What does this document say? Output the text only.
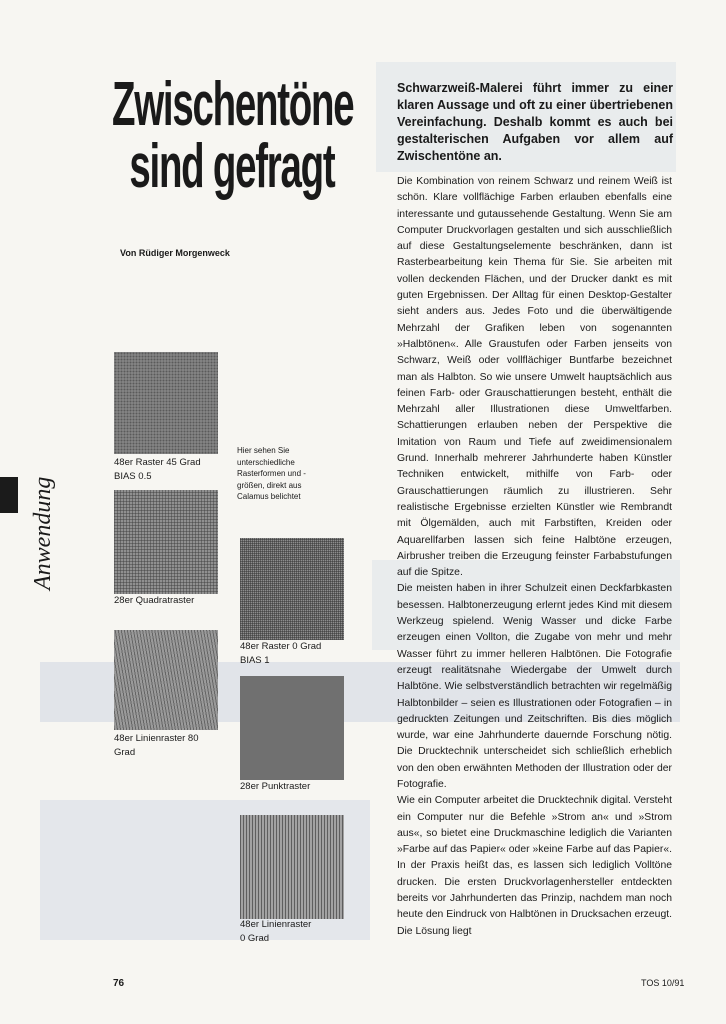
Zwischentöne
sind gefragt

Von Rüdiger Morgenweck

Schwarzweiß-Malerei führt immer zu einer klaren Aussage und oft zu einer übertriebenen Vereinfachung. Deshalb kommt es auch bei gestalterischen Aufgaben vor allem auf Zwischentöne an.

Die Kombination von reinem Schwarz und reinem Weiß ist schön. Klare vollflächige Farben erlauben ebenfalls eine interessante und gutaussehende Gestaltung. Wenn Sie am Computer Druckvorlagen gestalten und sich ausschließlich auf diese Gestaltungselemente beschränken, dann ist Rasterbearbeitung kein Thema für Sie. Sie arbeiten mit vollen deckenden Flächen, und der Drucker dankt es mit guten Ergebnissen. Der Alltag für einen Desktop-Gestalter sieht anders aus. Jedes Foto und die überwältigende Mehrzahl der Grafiken leben von sogenannten »Halbtönen«. Alle Graustufen oder Farben jenseits von Schwarz, Weiß oder vollflächiger Buntfarbe bezeichnet man als Halbton. So wie unsere Umwelt hauptsächlich aus feinen Farb- oder Grauschattierungen besteht, enthält die Mehrzahl aller Illustrationen diese Umweltfarben. Schattierungen erlauben neben der Perspektive die Imitation von Raum und Tiefe auf zweidimensionalem Grund. Innerhalb mehrerer Jahrhunderte haben Künstler Techniken entwickelt, mithilfe von Farb- oder Grauschattierungen räumlich zu illustrieren. Sehr realistische Ergebnisse erzielten Künstler wie Rembrandt mit Ölgemälden, auch mit Farbstiften, Kreiden oder Aquarellfarben lassen sich feine Halbtöne erzeugen, Airbrusher treiben die Erzeugung feinster Farbabstufungen auf die Spitze.

Die meisten haben in ihrer Schulzeit einen Deckfarbkasten besessen. Halbtonerzeugung erlernt jedes Kind mit diesem Werkzeug spielend. Wenig Wasser und dicke Farbe erzeugen einen Vollton, die Zugabe von mehr und mehr Wasser führt zu immer helleren Halbtönen. Die Fotografie erzeugt realitätsnahe Wiedergabe der Umwelt durch Halbtöne. Wie selbstverständlich betrachten wir regelmäßig Halbtonbilder – seien es Illustrationen oder Fotografien – in gedruckten Zeitungen und Zeitschriften. Bis dies möglich wurde, war eine Jahrhunderte dauernde Forschung nötig. Die Drucktechnik unterscheidet sich schließlich erheblich von den oben erwähnten Methoden der Illustration oder der Fotografie.

Wie ein Computer arbeitet die Drucktechnik digital. Versteht ein Computer nur die Befehle »Strom an« und »Strom aus«, so bietet eine Druckmaschine lediglich die Varianten »Farbe auf das Papier« oder »keine Farbe auf das Papier«. In der Praxis heißt das, es lassen sich lediglich Volltöne drucken. Die ersten Druckvorlagenhersteller entdeckten bereits vor Jahrhunderten das Prinzip, nachdem man noch heute den Eindruck von Halbtönen in Drucksachen erzeugt. Die Lösung liegt

Anwendung

48er Raster 45 Grad
BIAS 0.5

28er Quadratraster

48er Linienraster 80
Grad

Hier sehen Sie unterschiedliche Rasterformen und -größen, direkt aus Calamus belichtet

48er Raster 0 Grad
BIAS 1

28er Punktraster

48er Linienraster
0 Grad

76	TOS 10/91
